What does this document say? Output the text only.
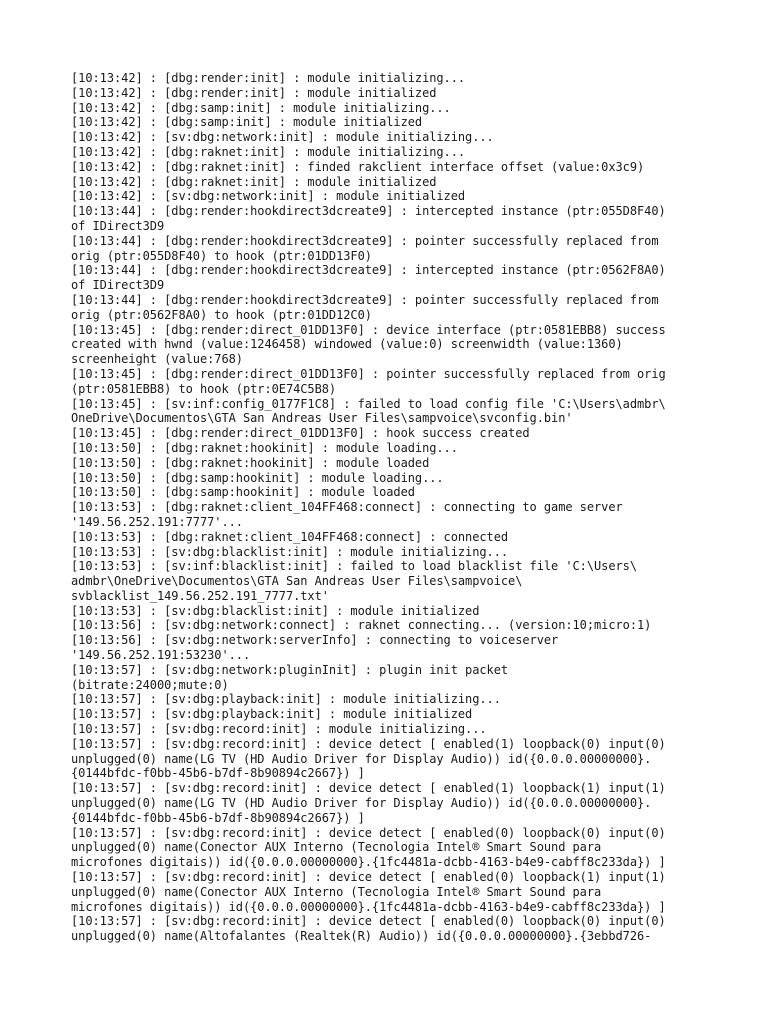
[10:13:42] : [dbg:render:init] : module initializing...
[10:13:42] : [dbg:render:init] : module initialized
[10:13:42] : [dbg:samp:init] : module initializing...
[10:13:42] : [dbg:samp:init] : module initialized
[10:13:42] : [sv:dbg:network:init] : module initializing...
[10:13:42] : [dbg:raknet:init] : module initializing...
[10:13:42] : [dbg:raknet:init] : finded rakclient interface offset (value:0x3c9)
[10:13:42] : [dbg:raknet:init] : module initialized
[10:13:42] : [sv:dbg:network:init] : module initialized
[10:13:44] : [dbg:render:hookdirect3dcreate9] : intercepted instance (ptr:055D8F40)
of IDirect3D9
[10:13:44] : [dbg:render:hookdirect3dcreate9] : pointer successfully replaced from
orig (ptr:055D8F40) to hook (ptr:01DD13F0)
[10:13:44] : [dbg:render:hookdirect3dcreate9] : intercepted instance (ptr:0562F8A0)
of IDirect3D9
[10:13:44] : [dbg:render:hookdirect3dcreate9] : pointer successfully replaced from
orig (ptr:0562F8A0) to hook (ptr:01DD12C0)
[10:13:45] : [dbg:render:direct_01DD13F0] : device interface (ptr:0581EBB8) success
created with hwnd (value:1246458) windowed (value:0) screenwidth (value:1360)
screenheight (value:768)
[10:13:45] : [dbg:render:direct_01DD13F0] : pointer successfully replaced from orig
(ptr:0581EBB8) to hook (ptr:0E74C5B8)
[10:13:45] : [sv:inf:config_0177F1C8] : failed to load config file 'C:\Users\admbr\
OneDrive\Documentos\GTA San Andreas User Files\sampvoice\svconfig.bin'
[10:13:45] : [dbg:render:direct_01DD13F0] : hook success created
[10:13:50] : [dbg:raknet:hookinit] : module loading...
[10:13:50] : [dbg:raknet:hookinit] : module loaded
[10:13:50] : [dbg:samp:hookinit] : module loading...
[10:13:50] : [dbg:samp:hookinit] : module loaded
[10:13:53] : [dbg:raknet:client_104FF468:connect] : connecting to game server
'149.56.252.191:7777'...
[10:13:53] : [dbg:raknet:client_104FF468:connect] : connected
[10:13:53] : [sv:dbg:blacklist:init] : module initializing...
[10:13:53] : [sv:inf:blacklist:init] : failed to load blacklist file 'C:\Users\
admbr\OneDrive\Documentos\GTA San Andreas User Files\sampvoice\
svblacklist_149.56.252.191_7777.txt'
[10:13:53] : [sv:dbg:blacklist:init] : module initialized
[10:13:56] : [sv:dbg:network:connect] : raknet connecting... (version:10;micro:1)
[10:13:56] : [sv:dbg:network:serverInfo] : connecting to voiceserver
'149.56.252.191:53230'...
[10:13:57] : [sv:dbg:network:pluginInit] : plugin init packet
(bitrate:24000;mute:0)
[10:13:57] : [sv:dbg:playback:init] : module initializing...
[10:13:57] : [sv:dbg:playback:init] : module initialized
[10:13:57] : [sv:dbg:record:init] : module initializing...
[10:13:57] : [sv:dbg:record:init] : device detect [ enabled(1) loopback(0) input(0)
unplugged(0) name(LG TV (HD Audio Driver for Display Audio)) id({0.0.0.00000000}.
{0144bfdc-f0bb-45b6-b7df-8b90894c2667}) ]
[10:13:57] : [sv:dbg:record:init] : device detect [ enabled(1) loopback(1) input(1)
unplugged(0) name(LG TV (HD Audio Driver for Display Audio)) id({0.0.0.00000000}.
{0144bfdc-f0bb-45b6-b7df-8b90894c2667}) ]
[10:13:57] : [sv:dbg:record:init] : device detect [ enabled(0) loopback(0) input(0)
unplugged(0) name(Conector AUX Interno (Tecnologia Intel® Smart Sound para
microfones digitais)) id({0.0.0.00000000}.{1fc4481a-dcbb-4163-b4e9-cabff8c233da}) ]
[10:13:57] : [sv:dbg:record:init] : device detect [ enabled(0) loopback(1) input(1)
unplugged(0) name(Conector AUX Interno (Tecnologia Intel® Smart Sound para
microfones digitais)) id({0.0.0.00000000}.{1fc4481a-dcbb-4163-b4e9-cabff8c233da}) ]
[10:13:57] : [sv:dbg:record:init] : device detect [ enabled(0) loopback(0) input(0)
unplugged(0) name(Altofalantes (Realtek(R) Audio)) id({0.0.0.00000000}.{3ebbd726-
